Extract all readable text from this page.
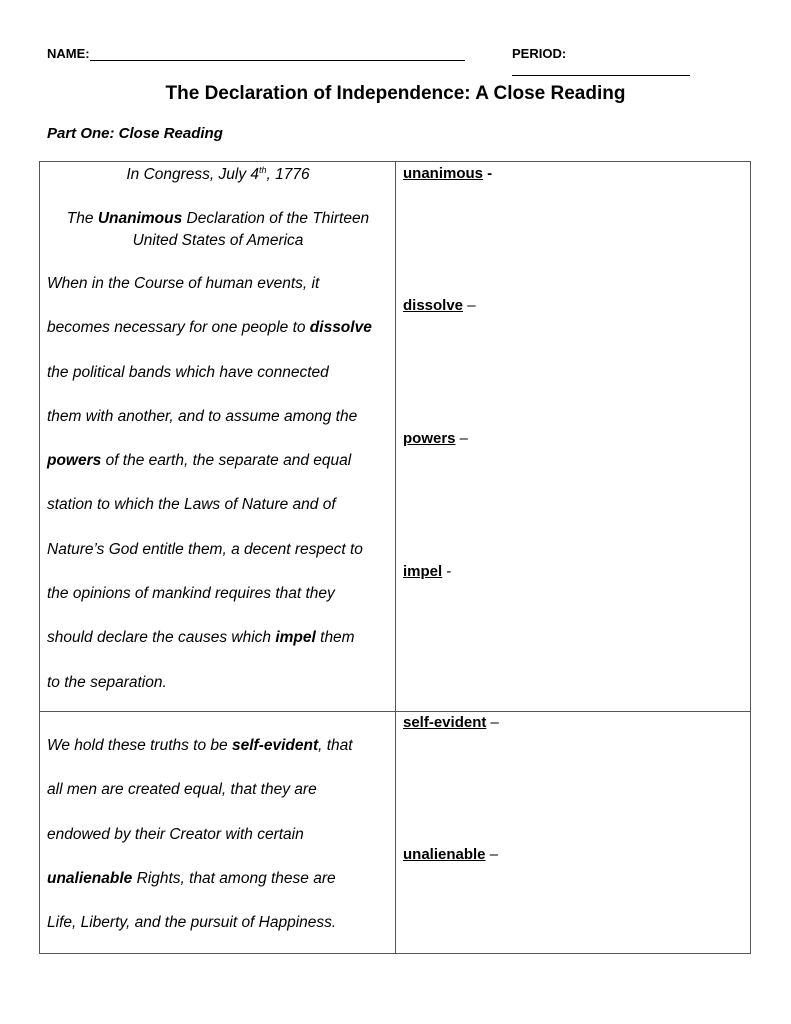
NAME:	PERIOD:
The Declaration of Independence: A Close Reading
Part One: Close Reading
In Congress, July 4th, 1776
The Unanimous Declaration of the Thirteen
United States of America
When in the Course of human events, it
becomes necessary for one people to dissolve
the political bands which have connected
them with another, and to assume among the
powers of the earth, the separate and equal
station to which the Laws of Nature and of
Nature’s God entitle them, a decent respect to
the opinions of mankind requires that they
should declare the causes which impel them
to the separation.
unanimous -
dissolve –
powers –
impel -
We hold these truths to be self-evident, that
all men are created equal, that they are
endowed by their Creator with certain
unalienable Rights, that among these are
Life, Liberty, and the pursuit of Happiness.
self-evident –
unalienable –
